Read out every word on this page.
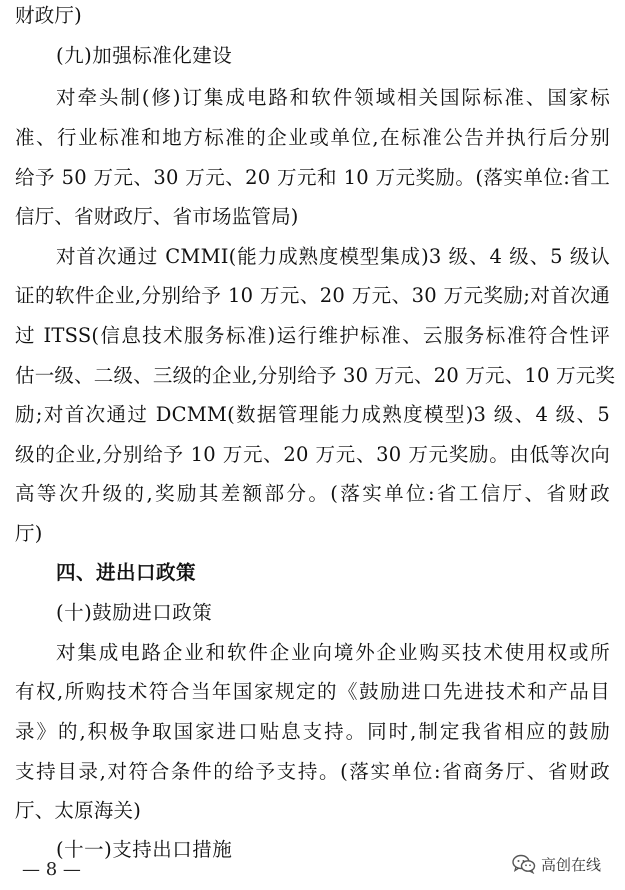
财政厅)
(九)加强标准化建设
对牵头制(修)订集成电路和软件领域相关国际标准、国家标
准、行业标准和地方标准的企业或单位,在标准公告并执行后分别
给予 50 万元、30 万元、20 万元和 10 万元奖励。(落实单位:省工
信厅、省财政厅、省市场监管局)
对首次通过 CMMI(能力成熟度模型集成)3 级、4 级、5 级认
证的软件企业,分别给予 10 万元、20 万元、30 万元奖励;对首次通
过 ITSS(信息技术服务标准)运行维护标准、云服务标准符合性评
估一级、二级、三级的企业,分别给予 30 万元、20 万元、10 万元奖
励;对首次通过 DCMM(数据管理能力成熟度模型)3 级、4 级、5
级的企业,分别给予 10 万元、20 万元、30 万元奖励。由低等次向
高等次升级的,奖励其差额部分。(落实单位:省工信厅、省财政
厅)
四、进出口政策
(十)鼓励进口政策
对集成电路企业和软件企业向境外企业购买技术使用权或所
有权,所购技术符合当年国家规定的《鼓励进口先进技术和产品目
录》的,积极争取国家进口贴息支持。同时,制定我省相应的鼓励
支持目录,对符合条件的给予支持。(落实单位:省商务厅、省财政
厅、太原海关)
(十一)支持出口措施
— 8 —	高创在线
